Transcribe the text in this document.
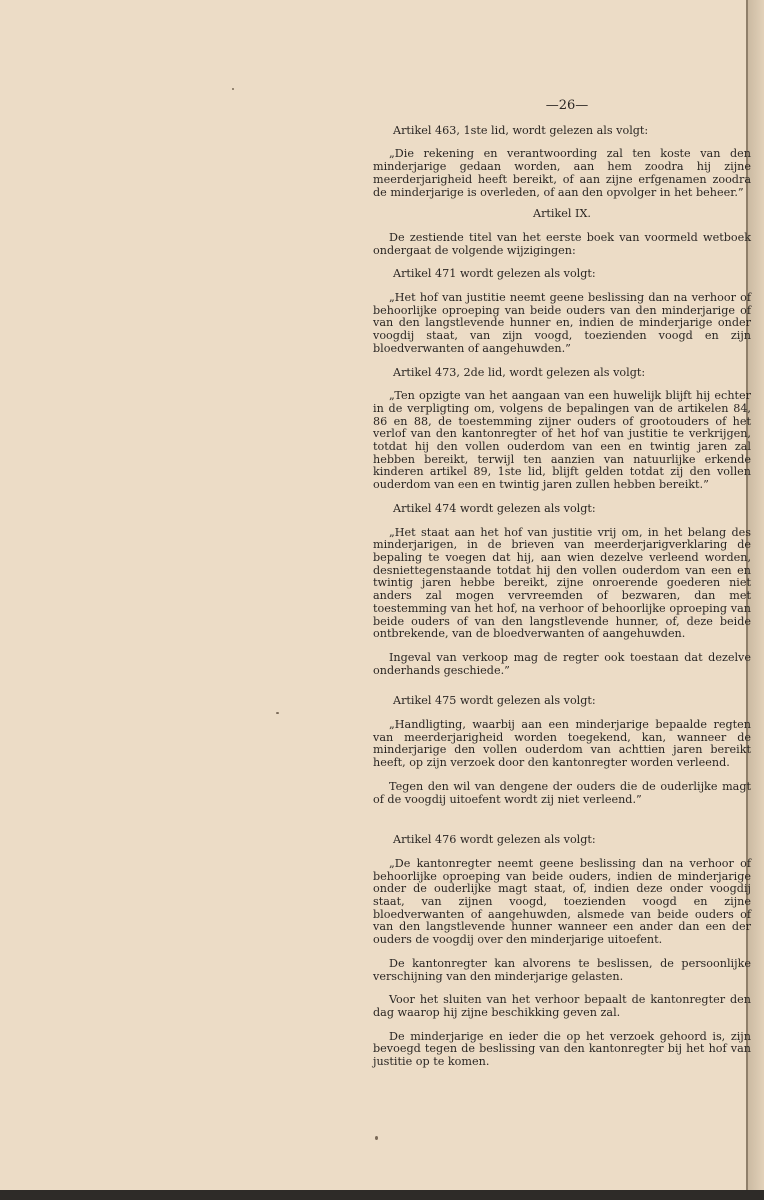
—26—

Artikel 463, 1ste lid, wordt gelezen als volgt:

„Die rekening en verantwoording zal ten koste van den minderjarige gedaan worden, aan hem zoodra hij zijne meerderjarigheid heeft bereikt, of aan zijne erfgenamen zoodra de minderjarige is overleden, of aan den opvolger in het beheer.”

Artikel IX.

De zestiende titel van het eerste boek van voormeld wetboek ondergaat de volgende wijzigingen:

Artikel 471 wordt gelezen als volgt:

„Het hof van justitie neemt geene beslissing dan na verhoor of behoorlijke oproeping van beide ouders van den minderjarige of van den langstlevende hunner en, indien de minderjarige onder voogdij staat, van zijn voogd, toezienden voogd en zijn bloedverwanten of aangehuwden.”

Artikel 473, 2de lid, wordt gelezen als volgt:

„Ten opzigte van het aangaan van een huwelijk blijft hij echter in de verpligting om, volgens de bepalingen van de artikelen 84, 86 en 88, de toestemming zijner ouders of grootouders of het verlof van den kantonregter of het hof van justitie te verkrijgen, totdat hij den vollen ouderdom van een en twintig jaren zal hebben bereikt, terwijl ten aanzien van natuurlijke erkende kinderen artikel 89, 1ste lid, blijft gelden totdat zij den vollen ouderdom van een en twintig jaren zullen hebben bereikt.”

Artikel 474 wordt gelezen als volgt:

„Het staat aan het hof van justitie vrij om, in het belang des minderjarigen, in de brieven van meerderjarigverklaring de bepaling te voegen dat hij, aan wien dezelve verleend worden, desniettegenstaande totdat hij den vollen ouderdom van een en twintig jaren hebbe bereikt, zijne onroerende goederen niet anders zal mogen vervreemden of bezwaren, dan met toestemming van het hof, na verhoor of behoorlijke oproeping van beide ouders of van den langstlevende hunner, of, deze beide ontbrekende, van de bloedverwanten of aangehuwden.

Ingeval van verkoop mag de regter ook toestaan dat dezelve onderhands geschiede.”

Artikel 475 wordt gelezen als volgt:

„Handligting, waarbij aan een minderjarige bepaalde regten van meerderjarigheid worden toegekend, kan, wanneer de minderjarige den vollen ouderdom van achttien jaren bereikt heeft, op zijn verzoek door den kantonregter worden verleend.

Tegen den wil van dengene der ouders die de ouderlijke magt of de voogdij uitoefent wordt zij niet verleend.”

Artikel 476 wordt gelezen als volgt:

„De kantonregter neemt geene beslissing dan na verhoor of behoorlijke oproeping van beide ouders, indien de minderjarige onder de ouderlijke magt staat, of, indien deze onder voogdij staat, van zijnen voogd, toezienden voogd en zijne bloedverwanten of aangehuwden, alsmede van beide ouders of van den langstlevende hunner wanneer een ander dan een der ouders de voogdij over den minderjarige uitoefent.

De kantonregter kan alvorens te beslissen, de persoonlijke verschijning van den minderjarige gelasten.

Voor het sluiten van het verhoor bepaalt de kantonregter den dag waarop hij zijne beschikking geven zal.

De minderjarige en ieder die op het verzoek gehoord is, zijn bevoegd tegen de beslissing van den kantonregter bij het hof van justitie op te komen.
